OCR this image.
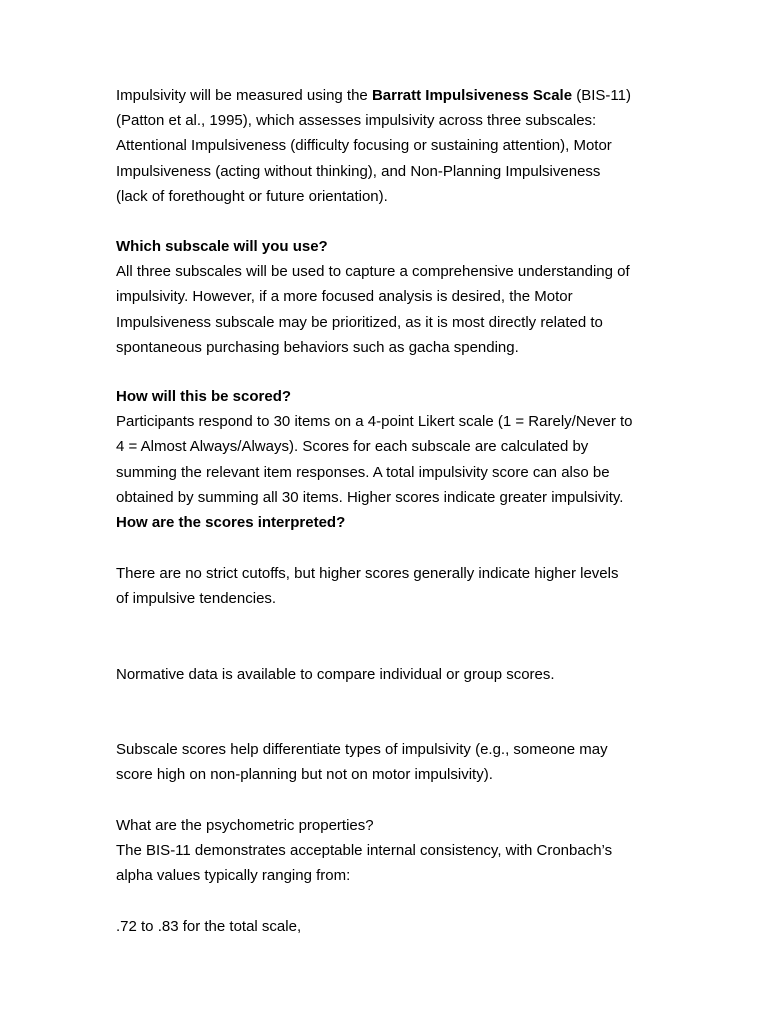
Impulsivity will be measured using the Barratt Impulsiveness Scale (BIS-11)
(Patton et al., 1995), which assesses impulsivity across three subscales:
Attentional Impulsiveness (difficulty focusing or sustaining attention), Motor
Impulsiveness (acting without thinking), and Non-Planning Impulsiveness
(lack of forethought or future orientation).
Which subscale will you use?
All three subscales will be used to capture a comprehensive understanding of
impulsivity. However, if a more focused analysis is desired, the Motor
Impulsiveness subscale may be prioritized, as it is most directly related to
spontaneous purchasing behaviors such as gacha spending.
How will this be scored?
Participants respond to 30 items on a 4-point Likert scale (1 = Rarely/Never to
4 = Almost Always/Always). Scores for each subscale are calculated by
summing the relevant item responses. A total impulsivity score can also be
obtained by summing all 30 items. Higher scores indicate greater impulsivity.
How are the scores interpreted?
There are no strict cutoffs, but higher scores generally indicate higher levels
of impulsive tendencies.
Normative data is available to compare individual or group scores.
Subscale scores help differentiate types of impulsivity (e.g., someone may
score high on non-planning but not on motor impulsivity).
What are the psychometric properties?
The BIS-11 demonstrates acceptable internal consistency, with Cronbach’s
alpha values typically ranging from:
.72 to .83 for the total scale,
